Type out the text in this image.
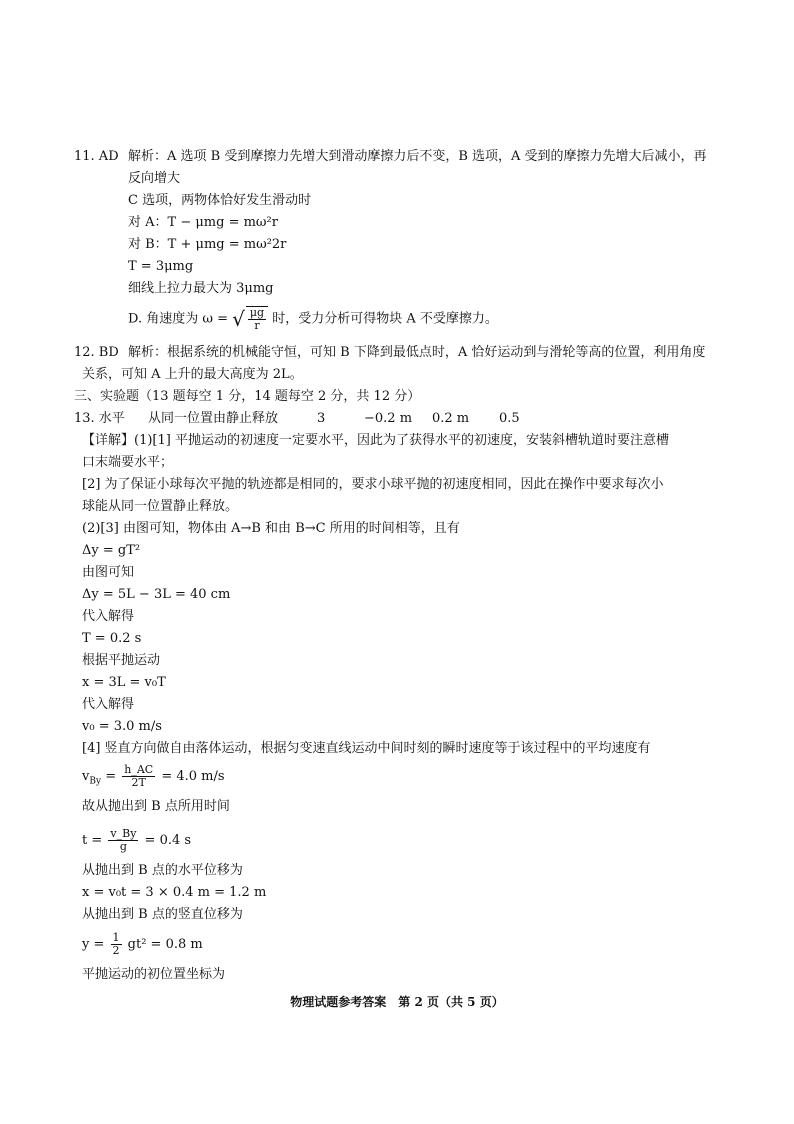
11. AD 解析：A 选项 B 受到摩擦力先增大到滑动摩擦力后不变，B 选项，A 受到的摩擦力先增大后减小，再
反向增大
C 选项，两物体恰好发生滑动时
对 A：T − μmg = mω²r
对 B：T + μmg = mω²2r
T = 3μmg
细线上拉力最大为 3μmg
D. 角速度为 ω = √ $\frac{\mu g}{r}$ 时，受力分析可得物块 A 不受摩擦力。
12. BD 解析：根据系统的机械能守恒，可知 B 下降到最低点时，A 恰好运动到与滑轮等高的位置，利用角度
关系，可知 A 上升的最大高度为 2L。
三、实验题（13 题每空 1 分，14 题每空 2 分，共 12 分）
13. 水平 从同一位置由静止释放	3	−0.2 m 0.2 m 0.5
【详解】(1)[1] 平抛运动的初速度一定要水平，因此为了获得水平的初速度，安装斜槽轨道时要注意槽
口末端要水平；
[2] 为了保证小球每次平抛的轨迹都是相同的，要求小球平抛的初速度相同，因此在操作中要求每次小
球能从同一位置静止释放。
(2)[3] 由图可知，物体由 A→B 和由 B→C 所用的时间相等，且有
Δy = gT²
由图可知
Δy = 5L − 3L = 40 cm
代入解得
T = 0.2 s
根据平抛运动
x = 3L = v₀T
代入解得
v₀ = 3.0 m/s
[4] 竖直方向做自由落体运动，根据匀变速直线运动中间时刻的瞬时速度等于该过程中的平均速度有
$v_{By} = \frac{h\_AC}{2T} = 4.0$ m/s
故从抛出到 B 点所用时间
$t = \frac{v\_By}{g} = 0.4$ s
从抛出到 B 点的水平位移为
x = v₀t = 3 × 0.4 m = 1.2 m
从抛出到 B 点的竖直位移为
$y = \frac{1}{2} gt^2 = 0.8$ m
平抛运动的初位置坐标为
物理试题参考答案　第 2 页（共 5 页）
